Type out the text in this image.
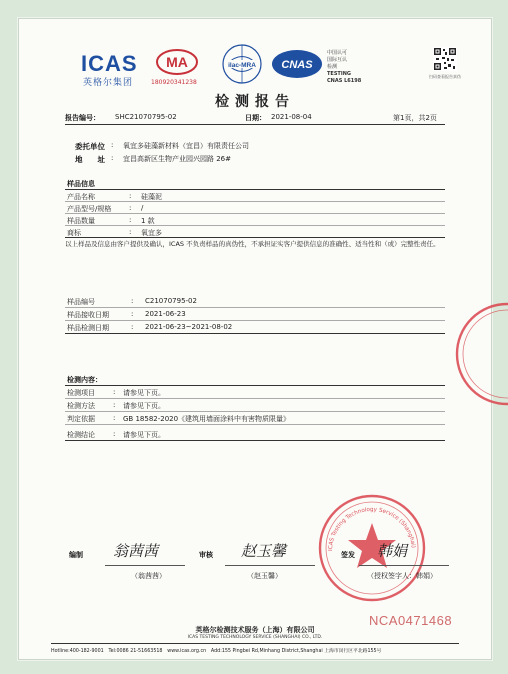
ICAS
英格尔集团
MA
180920341238
ilac-MRA CNAS
中国认可
国际互认
检测
TESTING
CNAS L6198
扫码查看报告真伪
检测报告
报告编号： SHC21070795-02	日期： 2021-08-04	第1页，共2页
委托单位 : 氧宜多硅藻新材料（宜昌）有限责任公司
地　　址 : 宜昌高新区生物产业园兴园路 26#
样品信息
产品名称	: 硅藻泥
产品型号/规格	: /
样品数量	: 1 款
商标	: 氧宜多
以上样品及信息由客户提供及确认，ICAS 不负责样品的真伪性，不承担证实客户提供信息的准确性、适当性和（或）完整性责任。
样品编号	: C21070795-02
样品接收日期	: 2021-06-23
样品检测日期	: 2021-06-23~2021-08-02
检测内容：
检测项目	: 请参见下页。
检测方法	: 请参见下页。
判定依据	: GB 18582-2020《建筑用墙面涂料中有害物质限量》
检测结论	: 请参见下页。
ICAS Testing Technology Service (Shanghai)
编制 翁茜茜
（翁茜茜）
审核 赵玉馨
（赵玉馨）
签发 韩娟
（授权签字人：韩娟）
英格尔检测技术服务（上海）有限公司
ICAS TESTING TECHNOLOGY SERVICE (SHANGHAI) CO., LTD.
Hotline:400-182-9001　Tel:0086 21-51663518　www.icas.org.cn　Add:155 Pingbei Rd,Minhang District,Shanghai 上海市闵行区平北路155号
NCA0471468
